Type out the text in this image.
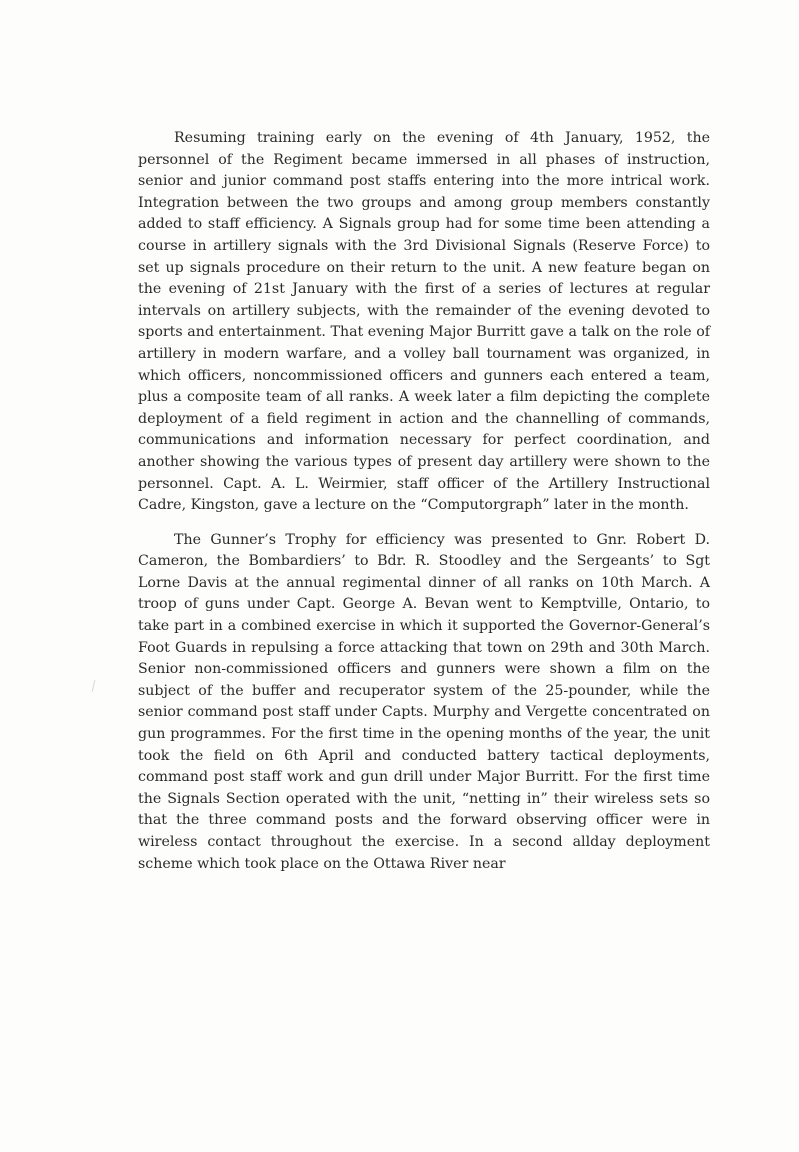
Resuming training early on the evening of 4th January, 1952, the personnel of the Regiment became immersed in all phases of instruction, senior and junior command post staffs entering into the more intrical work. Integration between the two groups and among group members constantly added to staff efficiency. A Signals group had for some time been attending a course in artillery signals with the 3rd Divisional Signals (Reserve Force) to set up signals procedure on their return to the unit. A new feature began on the evening of 21st January with the first of a series of lectures at regular intervals on artillery subjects, with the remainder of the evening devoted to sports and entertainment. That evening Major Burritt gave a talk on the role of artillery in modern warfare, and a volley ball tournament was organized, in which officers, noncommissioned officers and gunners each entered a team, plus a composite team of all ranks. A week later a film depicting the complete deployment of a field regiment in action and the channelling of commands, communications and information necessary for perfect coordination, and another showing the various types of present day artillery were shown to the personnel. Capt. A. L. Weirmier, staff officer of the Artillery Instructional Cadre, Kingston, gave a lecture on the “Computorgraph” later in the month.

The Gunner’s Trophy for efficiency was presented to Gnr. Robert D. Cameron, the Bombardiers’ to Bdr. R. Stoodley and the Sergeants’ to Sgt Lorne Davis at the annual regimental dinner of all ranks on 10th March. A troop of guns under Capt. George A. Bevan went to Kemptville, Ontario, to take part in a combined exercise in which it supported the Governor-General’s Foot Guards in repulsing a force attacking that town on 29th and 30th March. Senior non-commissioned officers and gunners were shown a film on the subject of the buffer and recuperator system of the 25-pounder, while the senior command post staff under Capts. Murphy and Vergette concentrated on gun programmes. For the first time in the opening months of the year, the unit took the field on 6th April and conducted battery tactical deployments, command post staff work and gun drill under Major Burritt. For the first time the Signals Section operated with the unit, “netting in” their wireless sets so that the three command posts and the forward observing officer were in wireless contact throughout the exercise. In a second allday deployment scheme which took place on the Ottawa River near
